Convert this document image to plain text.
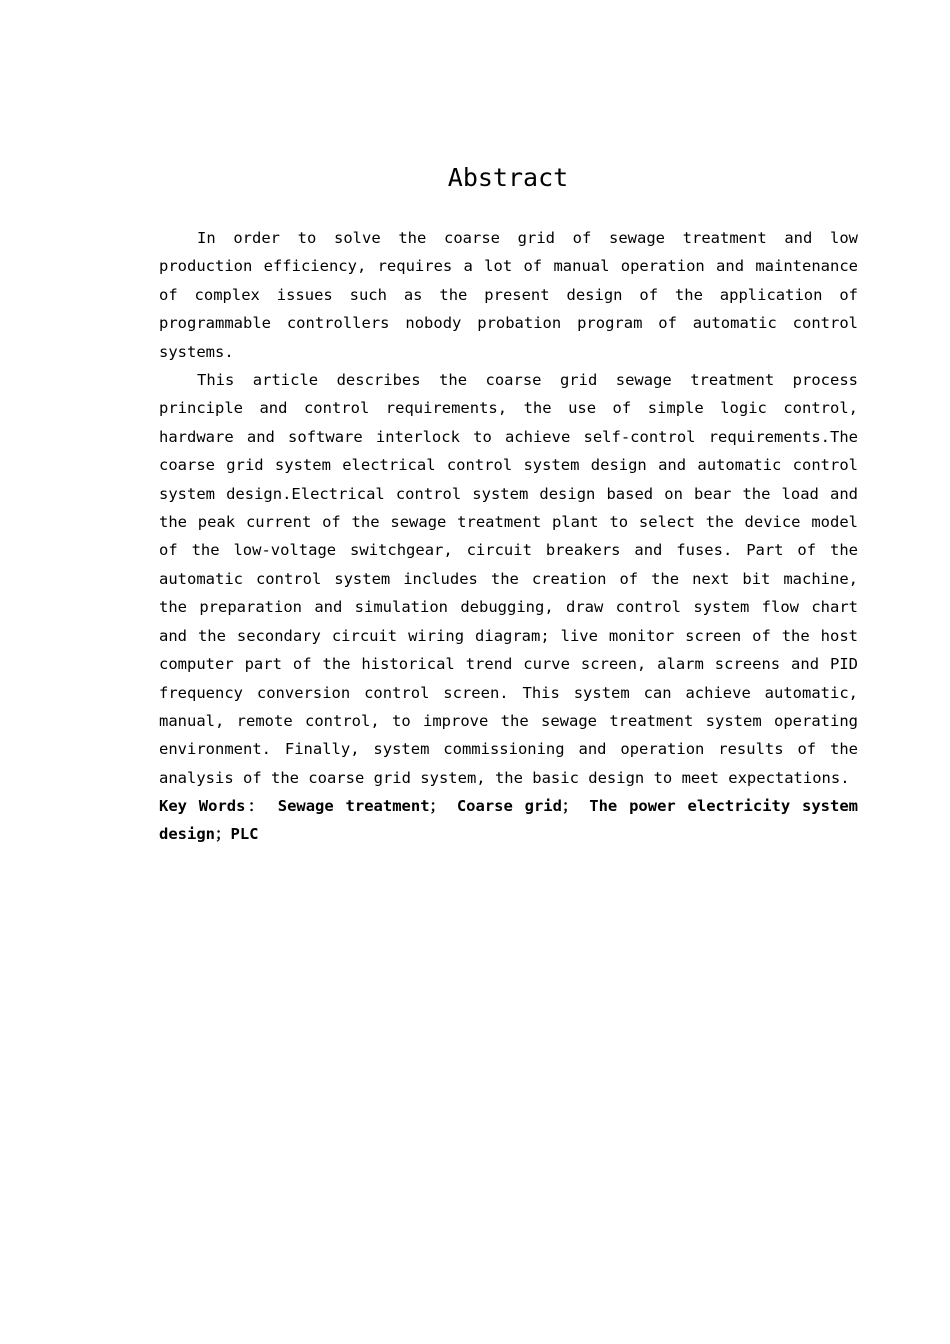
Abstract

In order to solve the coarse grid of sewage treatment and low production efficiency, requires a lot of manual operation and maintenance of complex issues such as the present design of the application of programmable controllers nobody probation program of automatic control systems.

This article describes the coarse grid sewage treatment process principle and control requirements, the use of simple logic control, hardware and software interlock to achieve self-control requirements.The coarse grid system electrical control system design and automatic control system design.Electrical control system design based on bear the load and the peak current of the sewage treatment plant to select the device model of the low-voltage switchgear, circuit breakers and fuses. Part of the automatic control system includes the creation of the next bit machine, the preparation and simulation debugging, draw control system flow chart and the secondary circuit wiring diagram; live monitor screen of the host computer part of the historical trend curve screen, alarm screens and PID frequency conversion control screen. This system can achieve automatic, manual, remote control, to improve the sewage treatment system operating environment. Finally, system commissioning and operation results of the analysis of the coarse grid system, the basic design to meet expectations.

Key Words： Sewage treatment； Coarse grid； The power electricity system design；PLC
